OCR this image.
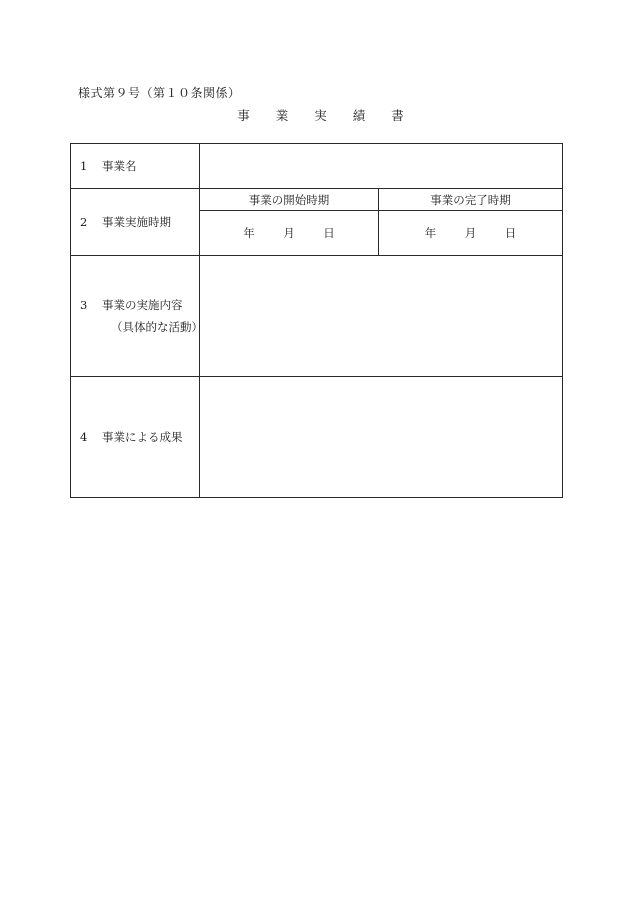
様式第９号（第１０条関係）
事 業 実 績 書
1 事業名		
2 事業実施時期	事業の開始時期	事業の完了時期
	年 月 日	年 月 日
3 事業の実施内容
（具体的な活動）		

4 事業による成果		
